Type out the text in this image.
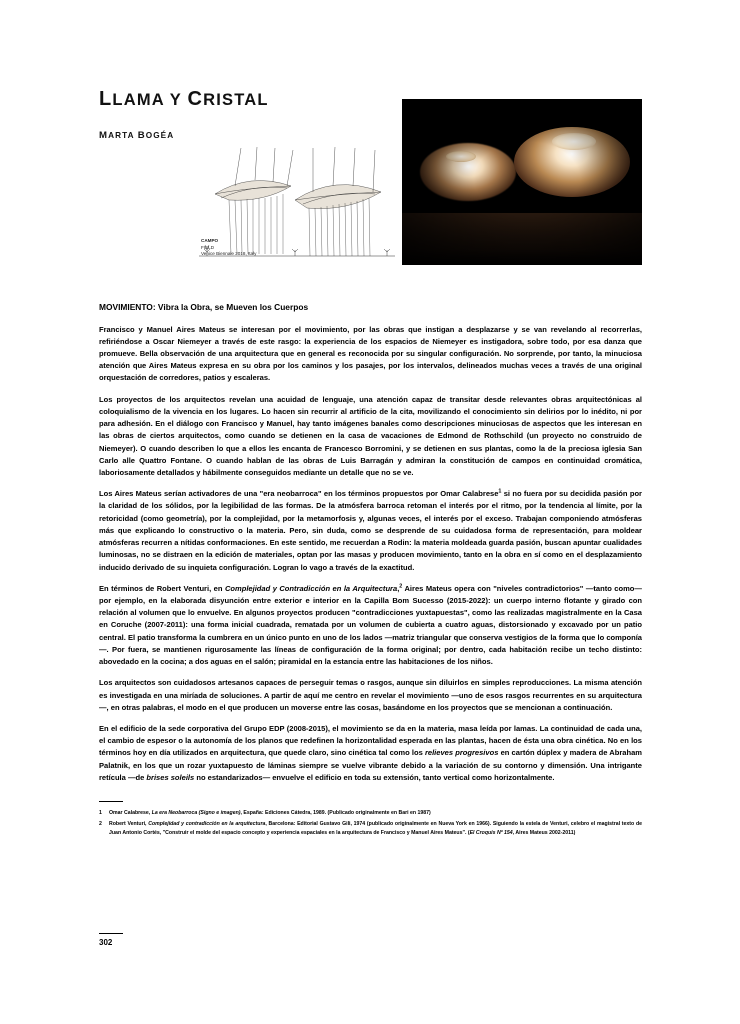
LLAMA Y CRISTAL
MARTA BOGÉA
CAMPO
FIELD
Venice Biennale 2018, Italy
MOVIMIENTO: Vibra la Obra, se Mueven los Cuerpos

Francisco y Manuel Aires Mateus se interesan por el movimiento, por las obras que instigan a desplazarse y se van revelando al recorrerlas, refiriéndose a Oscar Niemeyer a través de este rasgo: la experiencia de los espacios de Niemeyer es instigadora, sobre todo, por esa danza que promueve. Bella observación de una arquitectura que en general es reconocida por su singular configuración. No sorprende, por tanto, la minuciosa atención que Aires Mateus expresa en su obra por los caminos y los pasajes, por los intervalos, delineados muchas veces a través de una original orquestación de corredores, patios y escaleras.

Los proyectos de los arquitectos revelan una acuidad de lenguaje, una atención capaz de transitar desde relevantes obras arquitectónicas al coloquialismo de la vivencia en los lugares. Lo hacen sin recurrir al artificio de la cita, movilizando el conocimiento sin delirios por lo inédito, ni por para adhesión. En el diálogo con Francisco y Manuel, hay tanto imágenes banales como descripciones minuciosas de aspectos que les interesan en las obras de ciertos arquitectos, como cuando se detienen en la casa de vacaciones de Edmond de Rothschild (un proyecto no construido de Niemeyer). O cuando describen lo que a ellos les encanta de Francesco Borromini, y se detienen en sus plantas, como la de la preciosa iglesia San Carlo alle Quattro Fontane. O cuando hablan de las obras de Luis Barragán y admiran la constitución de campos en continuidad cromática, laboriosamente detallados y hábilmente conseguidos mediante un detalle que no se ve.

Los Aires Mateus serían activadores de una "era neobarroca" en los términos propuestos por Omar Calabrese$^1$ si no fuera por su decidida pasión por la claridad de los sólidos, por la legibilidad de las formas. De la atmósfera barroca retoman el interés por el ritmo, por la tendencia al límite, por la retoricidad (como geometría), por la complejidad, por la metamorfosis y, algunas veces, el interés por el exceso. Trabajan componiendo atmósferas más que explicando lo constructivo o la materia. Pero, sin duda, como se desprende de su cuidadosa forma de representación, para moldear atmósferas recurren a nítidas conformaciones. En este sentido, me recuerdan a Rodin: la materia moldeada guarda pasión, buscan apuntar cualidades luminosas, no se distraen en la edición de materiales, optan por las masas y producen movimiento, tanto en la obra en sí como en el desplazamiento inducido derivado de su inquieta configuración. Logran lo vago a través de la exactitud.

En términos de Robert Venturi, en Complejidad y Contradicción en la Arquitectura,$^2$ Aires Mateus opera con "niveles contradictorios" —tanto como— por ejemplo, en la elaborada disyunción entre exterior e interior en la Capilla Bom Sucesso (2015-2022): un cuerpo interno flotante y girado con relación al volumen que lo envuelve. En algunos proyectos producen "contradicciones yuxtapuestas", como las realizadas magistralmente en la Casa en Coruche (2007-2011): una forma inicial cuadrada, rematada por un volumen de cubierta a cuatro aguas, distorsionado y excavado por un patio central. El patio transforma la cumbrera en un único punto en uno de los lados —matriz triangular que conserva vestigios de la forma que lo componía—. Por fuera, se mantienen rigurosamente las líneas de configuración de la forma original; por dentro, cada habitación recibe un techo distinto: abovedado en la cocina; a dos aguas en el salón; piramidal en la estancia entre las habitaciones de los niños.

Los arquitectos son cuidadosos artesanos capaces de perseguir temas o rasgos, aunque sin diluirlos en simples reproducciones. La misma atención es investigada en una miríada de soluciones. A partir de aquí me centro en revelar el movimiento —uno de esos rasgos recurrentes en su arquitectura—, en otras palabras, el modo en el que producen un moverse entre las cosas, basándome en los proyectos que se mencionan a continuación.

En el edificio de la sede corporativa del Grupo EDP (2008-2015), el movimiento se da en la materia, masa leída por lamas. La continuidad de cada una, el cambio de espesor o la autonomía de los planos que redefinen la horizontalidad esperada en las plantas, hacen de ésta una obra cinética. No en los términos hoy en día utilizados en arquitectura, que quede claro, sino cinética tal como los relieves progresivos en cartón dúplex y madera de Abraham Palatnik, en los que un rozar yuxtapuesto de láminas siempre se vuelve vibrante debido a la variación de su contorno y dimensión. Una intrigante retícula —de brises soleils no estandarizados— envuelve el edificio en toda su extensión, tanto vertical como horizontalmente.

1	Omar Calabrese, La era Neobarroca (Signo e imagen), España: Ediciones Cátedra, 1989. (Publicado originalmente en Bari en 1987)
2	Robert Venturi, Complejidad y contradicción en la arquitectura, Barcelona: Editorial Gustavo Gili, 1974 (publicado originalmente en Nueva York en 1966). Siguiendo la estela de Venturi, celebro el magistral texto de Juan Antonio Cortés, "Construir el molde del espacio concepto y experiencia espaciales en la arquitectura de Francisco y Manuel Aires Mateus". (El Croquis Nº 154, Aires Mateus 2002-2011)
302
